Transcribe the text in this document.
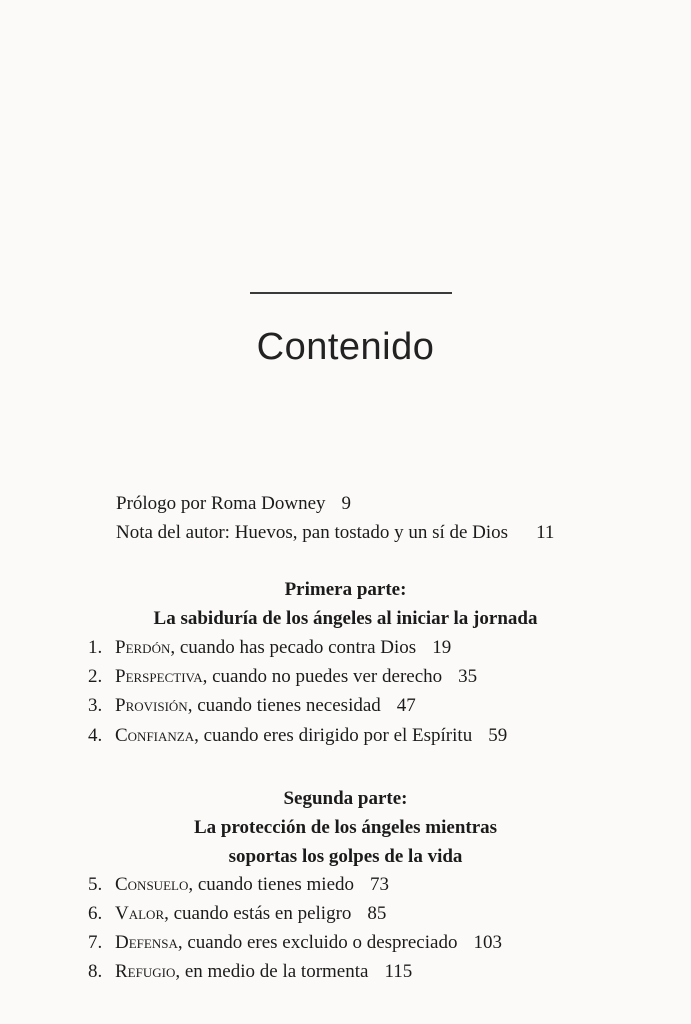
Contenido
Prólogo por Roma Downey 9
Nota del autor: Huevos, pan tostado y un sí de Dios 11
Primera parte:
La sabiduría de los ángeles al iniciar la jornada
1. Perdón, cuando has pecado contra Dios 19
2. Perspectiva, cuando no puedes ver derecho 35
3. Provisión, cuando tienes necesidad 47
4. Confianza, cuando eres dirigido por el Espíritu 59
Segunda parte:
La protección de los ángeles mientras
soportas los golpes de la vida
5. Consuelo, cuando tienes miedo 73
6. Valor, cuando estás en peligro 85
7. Defensa, cuando eres excluido o despreciado 103
8. Refugio, en medio de la tormenta 115
